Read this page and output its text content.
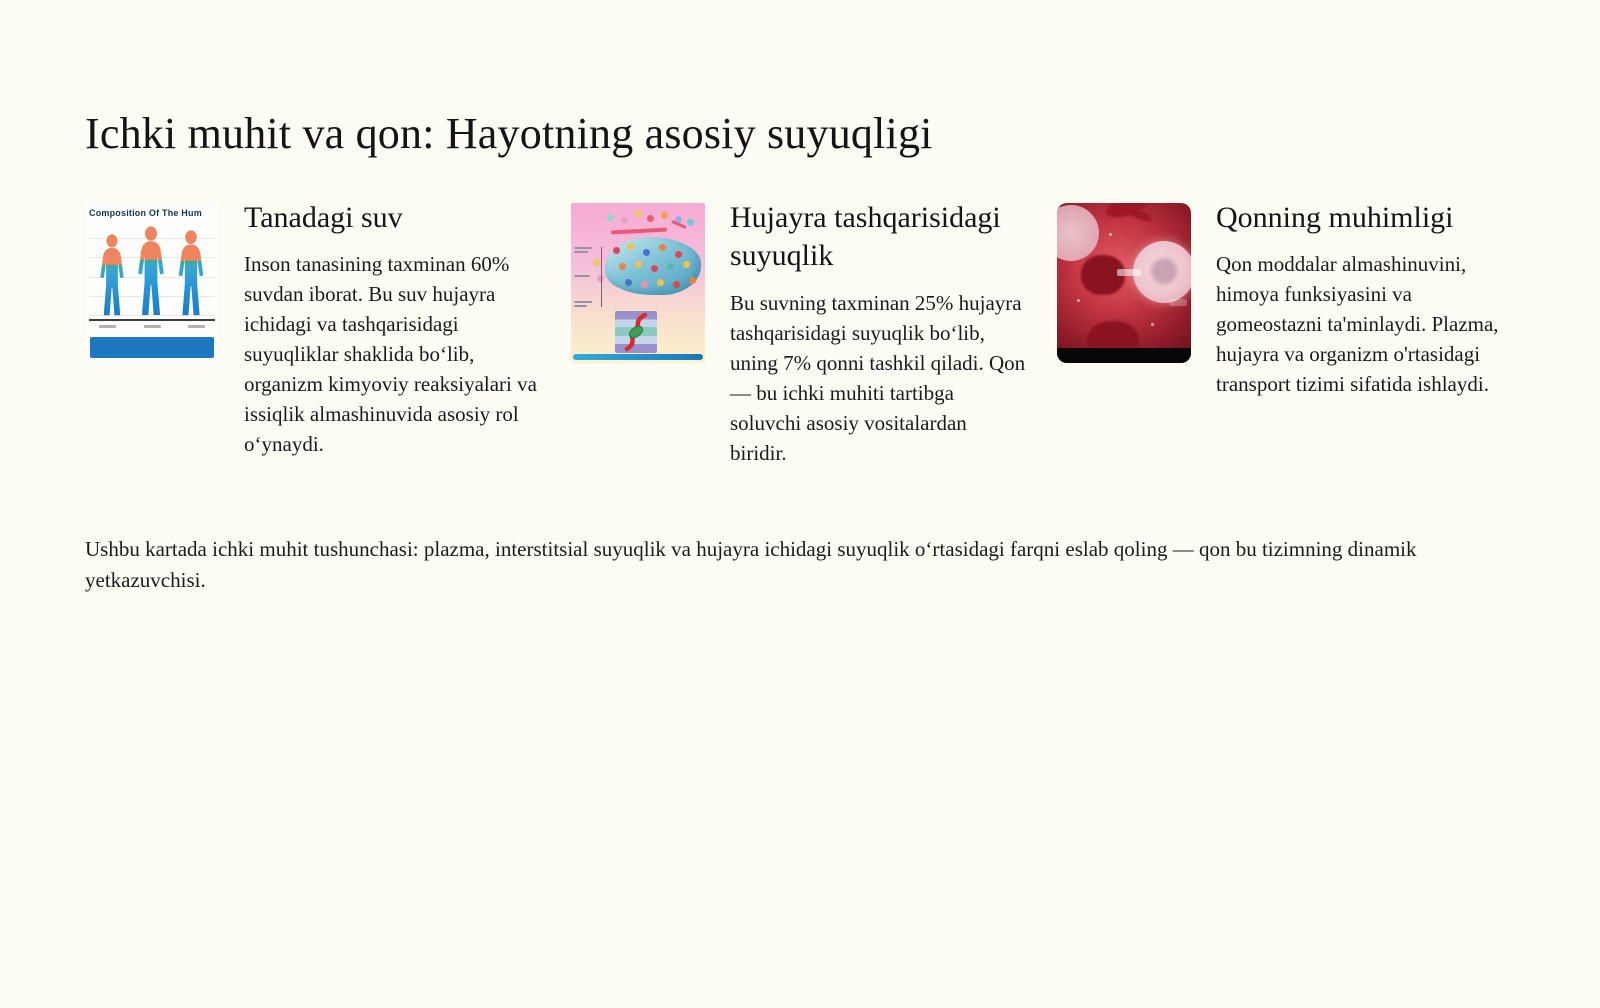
Ichki muhit va qon: Hayotning asosiy suyuqligi
Composition Of The Hum	Tanadagi suv

Inson tanasining taxminan 60% suvdan iborat. Bu suv hujayra ichidagi va tashqarisidagi suyuqliklar shaklida bo‘lib, organizm kimyoviy reaksiyalari va issiqlik almashinuvida asosiy rol o‘ynaydi.

Hujayra tashqarisidagi suyuqlik

Bu suvning taxminan 25% hujayra tashqarisidagi suyuqlik bo‘lib, uning 7% qonni tashkil qiladi. Qon — bu ichki muhiti tartibga soluvchi asosiy vositalardan biridir.

Qonning muhimligi

Qon moddalar almashinuvini, himoya funksiyasini va gomeostazni ta'minlaydi. Plazma, hujayra va organizm o'rtasidagi transport tizimi sifatida ishlaydi.

Ushbu kartada ichki muhit tushunchasi: plazma, interstitsial suyuqlik va hujayra ichidagi suyuqlik o‘rtasidagi farqni eslab qoling — qon bu tizimning dinamik yetkazuvchisi.
